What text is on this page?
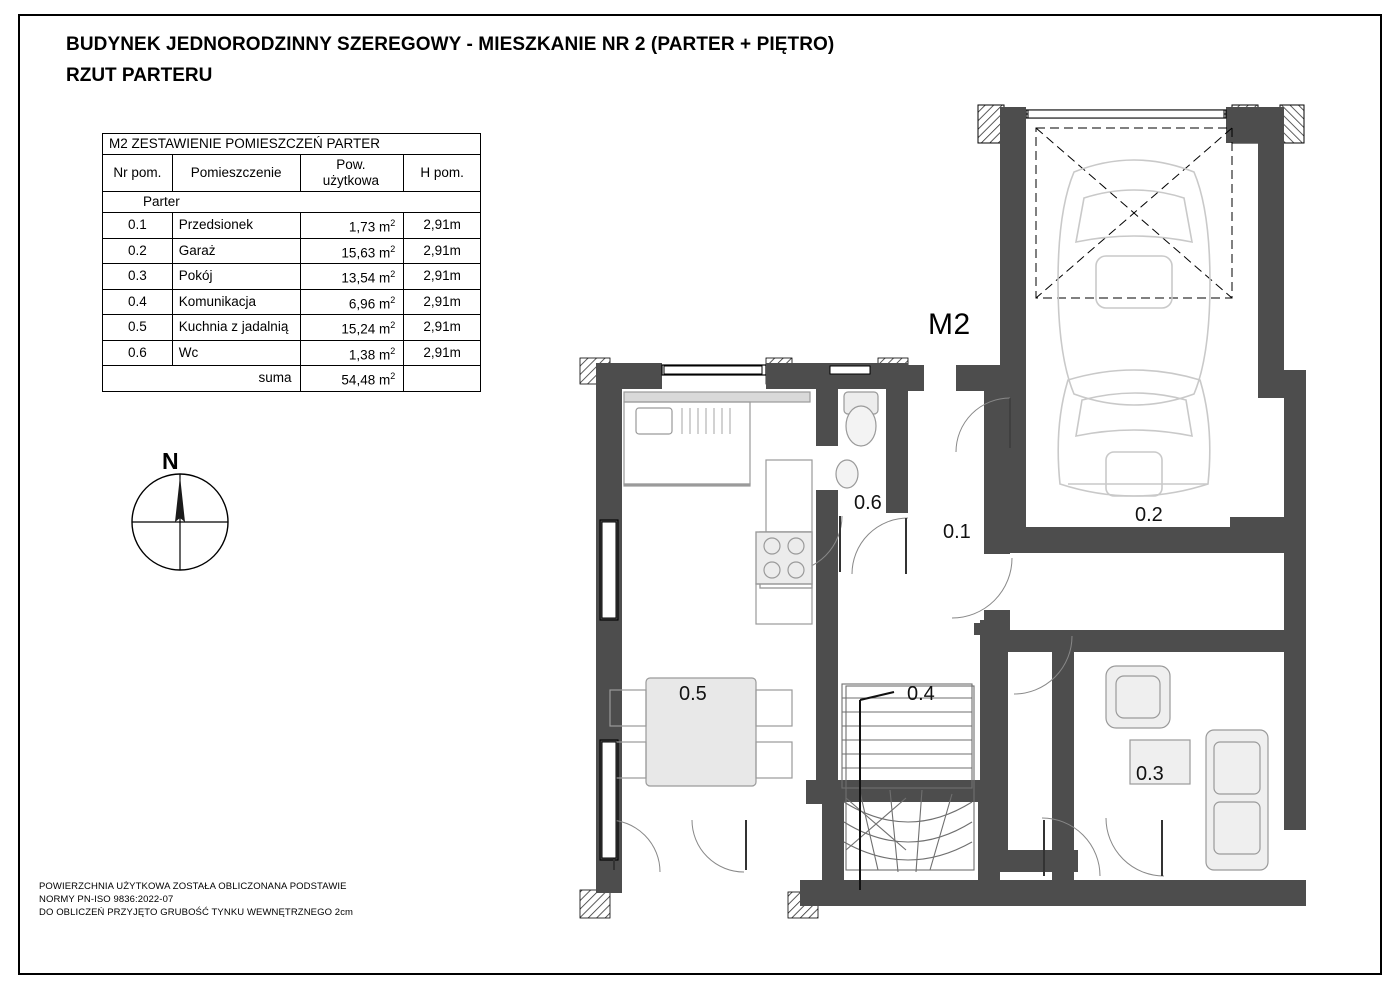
BUDYNEK JEDNORODZINNY SZEREGOWY - MIESZKANIE NR 2 (PARTER + PIĘTRO)
RZUT PARTERU
M2 ZESTAWIENIE POMIESZCZEŃ PARTER			
Nr pom.	Pomieszczenie	Pow. użytkowa	H pom.
Parter			
0.1	Przedsionek	1,73 $m^2$	2,91m
0.2	Garaż	15,63 $m^2$	2,91m
0.3	Pokój	13,54 $m^2$	2,91m
0.4	Komunikacja	6,96 $m^2$	2,91m
0.5	Kuchnia z jadalnią	15,24 $m^2$	2,91m
0.6	Wc	1,38 $m^2$	2,91m
suma		54,48 $m^2$	
N
POWIERZCHNIA UŻYTKOWA ZOSTAŁA OBLICZONANA PODSTAWIE
NORMY PN-ISO 9836:2022-07
DO OBLICZEŃ PRZYJĘTO GRUBOŚĆ TYNKU WEWNĘTRZNEGO 2cm
M2
0.1
0.2
0.3
0.4
0.5
0.6
